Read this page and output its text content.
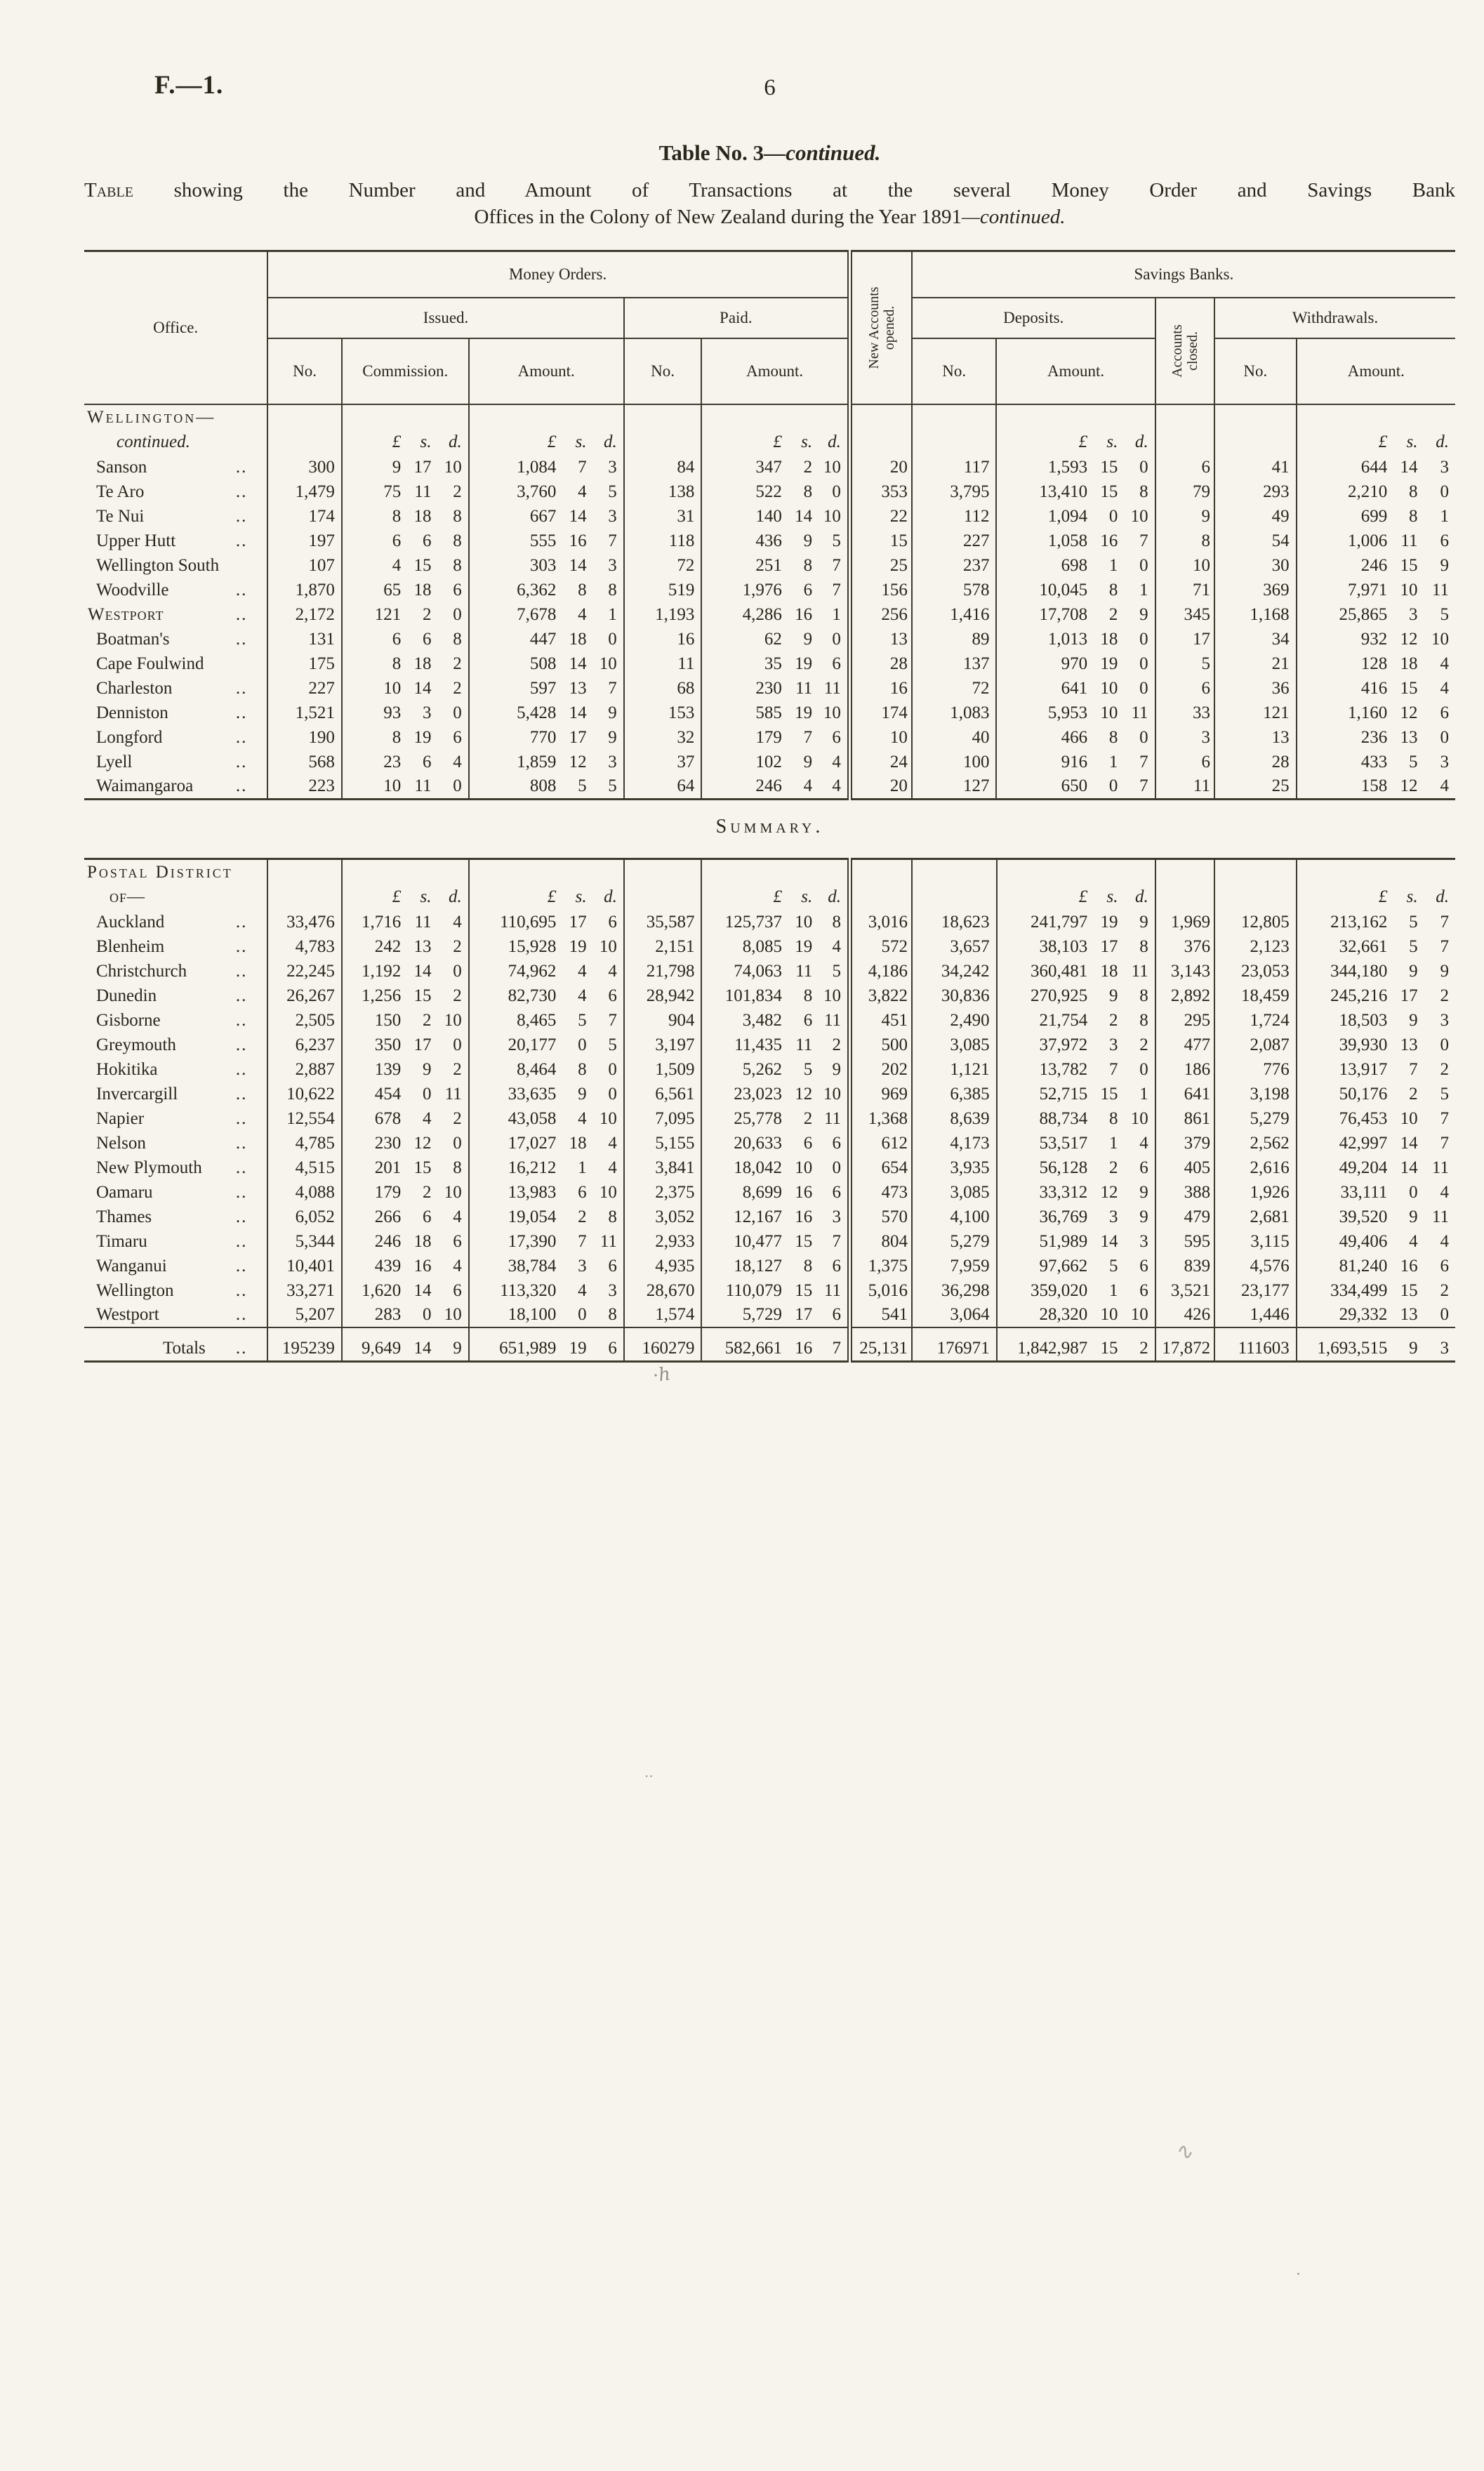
F.—1.	6
Table No. 3—continued.
Table showing the Number and Amount of Transactions at the several Money Order and Savings Bank
Offices in the Colony of New Zealand during the Year 1891—continued.
Office.	Money Orders.											New Accounts opened.	Savings Banks.								
	Issued.							Paid.					Deposits.				Accounts closed.	Withdrawals.			
	No.	Commission.			Amount.			No.	Amount.				No.	Amount.				No.	Amount.		

Wellington—
continued.		£	s.	d.	£	s.	d.		£	s.	d.			£	s.	d.			£	s.	d.
Sanson ..	300	9	17	10	1,084	7	3	84	347	2	10	20	117	1,593	15	0	6	41	644	14	3
Te Aro ..	1,479	75	11	2	3,760	4	5	138	522	8	0	353	3,795	13,410	15	8	79	293	2,210	8	0
Te Nui ..	174	8	18	8	667	14	3	31	140	14	10	22	112	1,094	0	10	9	49	699	8	1
Upper Hutt ..	197	6	6	8	555	16	7	118	436	9	5	15	227	1,058	16	7	8	54	1,006	11	6
Wellington South	107	4	15	8	303	14	3	72	251	8	7	25	237	698	1	0	10	30	246	15	9
Woodville ..	1,870	65	18	6	6,362	8	8	519	1,976	6	7	156	578	10,045	8	1	71	369	7,971	10	11
Westport ..	2,172	121	2	0	7,678	4	1	1,193	4,286	16	1	256	1,416	17,708	2	9	345	1,168	25,865	3	5
Boatman's ..	131	6	6	8	447	18	0	16	62	9	0	13	89	1,013	18	0	17	34	932	12	10
Cape Foulwind	175	8	18	2	508	14	10	11	35	19	6	28	137	970	19	0	5	21	128	18	4
Charleston ..	227	10	14	2	597	13	7	68	230	11	11	16	72	641	10	0	6	36	416	15	4
Denniston ..	1,521	93	3	0	5,428	14	9	153	585	19	10	174	1,083	5,953	10	11	33	121	1,160	12	6
Longford ..	190	8	19	6	770	17	9	32	179	7	6	10	40	466	8	0	3	13	236	13	0
Lyell ..	568	23	6	4	1,859	12	3	37	102	9	4	24	100	916	1	7	6	28	433	5	3
Waimangaroa ..	223	10	11	0	808	5	5	64	246	4	4	20	127	650	0	7	11	25	158	12	4
Summary.
Postal District
of—		£	s.	d.	£	s.	d.		£	s.	d.			£	s.	d.			£	s.	d.
Auckland ..	33,476	1,716	11	4	110,695	17	6	35,587	125,737	10	8	3,016	18,623	241,797	19	9	1,969	12,805	213,162	5	7
Blenheim ..	4,783	242	13	2	15,928	19	10	2,151	8,085	19	4	572	3,657	38,103	17	8	376	2,123	32,661	5	7
Christchurch ..	22,245	1,192	14	0	74,962	4	4	21,798	74,063	11	5	4,186	34,242	360,481	18	11	3,143	23,053	344,180	9	9
Dunedin ..	26,267	1,256	15	2	82,730	4	6	28,942	101,834	8	10	3,822	30,836	270,925	9	8	2,892	18,459	245,216	17	2
Gisborne ..	2,505	150	2	10	8,465	5	7	904	3,482	6	11	451	2,490	21,754	2	8	295	1,724	18,503	9	3
Greymouth ..	6,237	350	17	0	20,177	0	5	3,197	11,435	11	2	500	3,085	37,972	3	2	477	2,087	39,930	13	0
Hokitika ..	2,887	139	9	2	8,464	8	0	1,509	5,262	5	9	202	1,121	13,782	7	0	186	776	13,917	7	2
Invercargill ..	10,622	454	0	11	33,635	9	0	6,561	23,023	12	10	969	6,385	52,715	15	1	641	3,198	50,176	2	5
Napier ..	12,554	678	4	2	43,058	4	10	7,095	25,778	2	11	1,368	8,639	88,734	8	10	861	5,279	76,453	10	7
Nelson ..	4,785	230	12	0	17,027	18	4	5,155	20,633	6	6	612	4,173	53,517	1	4	379	2,562	42,997	14	7
New Plymouth ..	4,515	201	15	8	16,212	1	4	3,841	18,042	10	0	654	3,935	56,128	2	6	405	2,616	49,204	14	11
Oamaru ..	4,088	179	2	10	13,983	6	10	2,375	8,699	16	6	473	3,085	33,312	12	9	388	1,926	33,111	0	4
Thames ..	6,052	266	6	4	19,054	2	8	3,052	12,167	16	3	570	4,100	36,769	3	9	479	2,681	39,520	9	11
Timaru ..	5,344	246	18	6	17,390	7	11	2,933	10,477	15	7	804	5,279	51,989	14	3	595	3,115	49,406	4	4
Wanganui ..	10,401	439	16	4	38,784	3	6	4,935	18,127	8	6	1,375	7,959	97,662	5	6	839	4,576	81,240	16	6
Wellington ..	33,271	1,620	14	6	113,320	4	3	28,670	110,079	15	11	5,016	36,298	359,020	1	6	3,521	23,177	334,499	15	2
Westport ..	5,207	283	0	10	18,100	0	8	1,574	5,729	17	6	541	3,064	28,320	10	10	426	1,446	29,332	13	0
Totals ..	195239	9,649	14	9	651,989	19	6	160279	582,661	16	7	25,131	176971	1,842,987	15	2	17,872	111603	1,693,515	9	3
·ℎ
··
∿
·
